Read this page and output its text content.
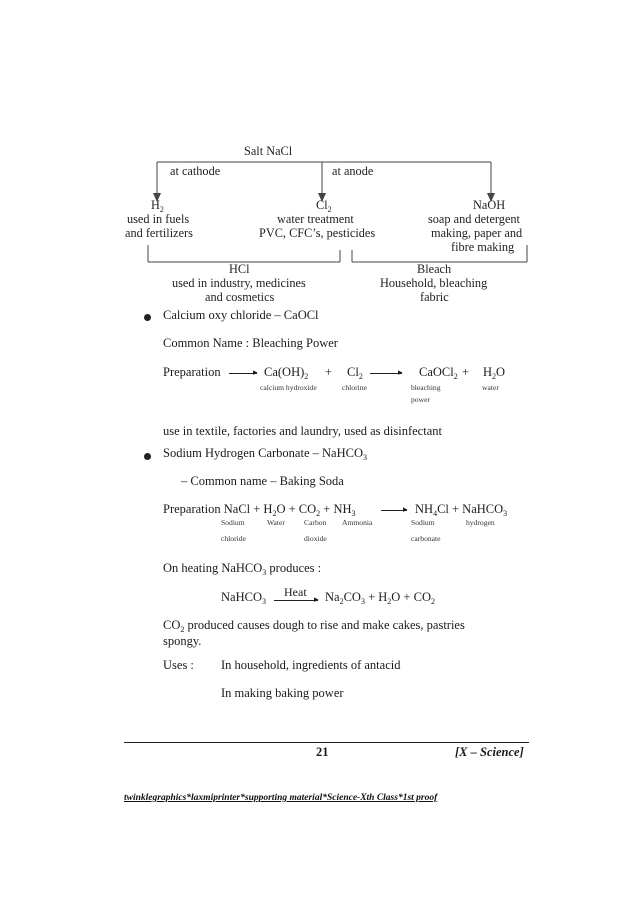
Salt NaCl
at cathode	at anode
$H_2$
used in fuels
and fertilizers
$Cl_2$
water treatment
PVC, CFC’s, pesticides
NaOH
soap and detergent
making, paper and
fibre making
HCl
used in industry, medicines
and cosmetics
Bleach
Household, bleaching
fabric
Calcium oxy chloride – CaOCl
Common Name : Bleaching Power
Preparation	▸ $Ca(OH)_2 + Cl_2$	▸ CaOCl$_2$ + $H_2O$
calcium hydroxide	chlorine	bleaching
power
water
use in textile, factories and laundry, used as disinfectant
Sodium Hydrogen Carbonate – NaHCO$_3$
– Common name – Baking Soda
Preparation NaCl + $H_2O + CO_2 + NH_3$	▸ $NH_4Cl$ + NaHCO$_3$
Sodium
chloride
Water	Carbon
dioxide
Ammonia	Sodium
carbonate
hydrogen
On heating NaHCO$_3$ produces :
NaHCO$_3$
Heat ▸ $Na_2CO_3 + H_2O + CO_2$
$CO_2$ produced causes dough to rise and make cakes, pastries
spongy.
Uses : In household, ingredients of antacid
In making baking power
21	[X – Science]
twinklegraphics*laxmiprinter*supporting material*Science-Xth Class*1st proof
